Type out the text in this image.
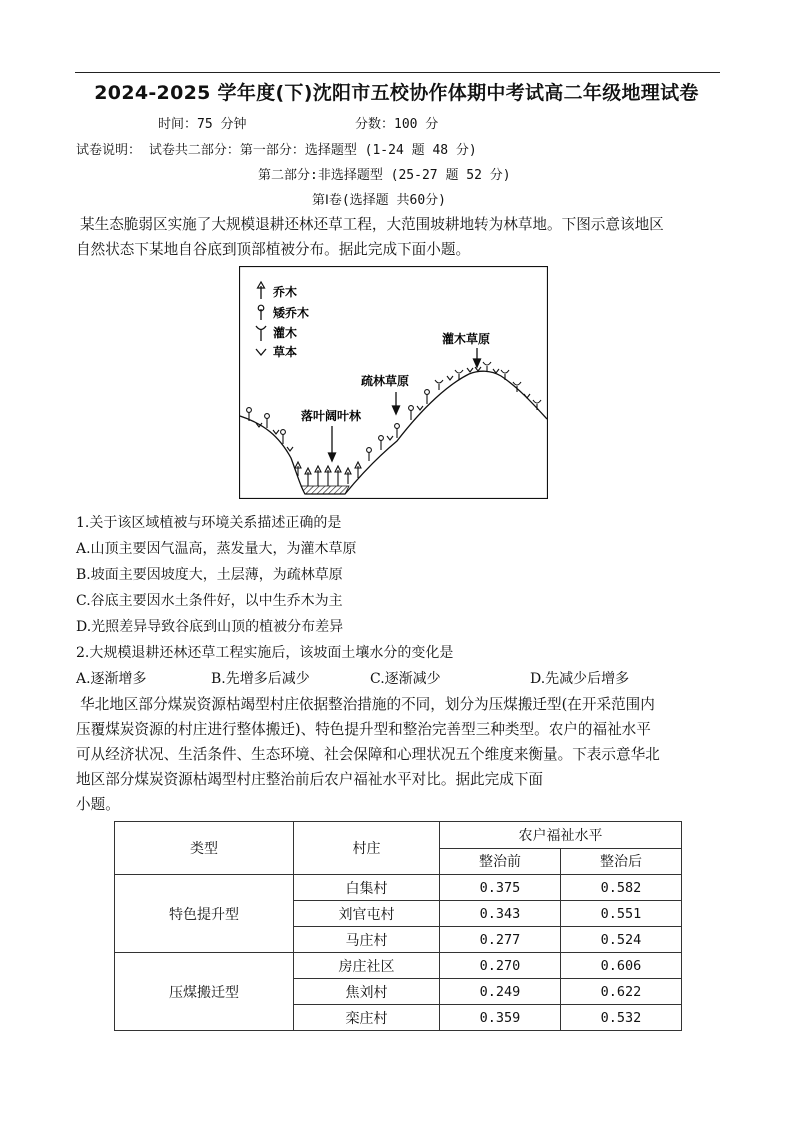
2024-2025 学年度(下)沈阳市五校协作体期中考试高二年级地理试卷
时间：75 分钟	分数：100 分
试卷说明： 试卷共二部分：第一部分：选择题型 (1-24 题 48 分)
第二部分:非选择题型 (25-27 题 52 分)
第Ⅰ卷(选择题 共60分)
某生态脆弱区实施了大规模退耕还林还草工程，大范围坡耕地转为林草地。下图示意该地区
自然状态下某地自谷底到顶部植被分布。据此完成下面小题。
乔木
矮乔木
灌木
草本
落叶阔叶林
疏林草原
灌木草原
1.关于该区域植被与环境关系描述正确的是
A.山顶主要因气温高，蒸发量大，为灌木草原
B.坡面主要因坡度大，土层薄，为疏林草原
C.谷底主要因水土条件好，以中生乔木为主
D.光照差异导致谷底到山顶的植被分布差异
2.大规模退耕还林还草工程实施后，该坡面土壤水分的变化是
A.逐渐增多	B.先增多后减少	C.逐渐减少	D.先减少后增多
华北地区部分煤炭资源枯竭型村庄依据整治措施的不同，划分为压煤搬迁型(在开采范围内
压覆煤炭资源的村庄进行整体搬迁)、特色提升型和整治完善型三种类型。农户的福祉水平
可从经济状况、生活条件、生态环境、社会保障和心理状况五个维度来衡量。下表示意华北
地区部分煤炭资源枯竭型村庄整治前后农户福祉水平对比。据此完成下面
小题。
类型	村庄	农户福祉水平	
		整治前	整治后
特色提升型	白集村	0.375	0.582
	刘官屯村	0.343	0.551
	马庄村	0.277	0.524
压煤搬迁型	房庄社区	0.270	0.606
	焦刘村	0.249	0.622
	栾庄村	0.359	0.532
